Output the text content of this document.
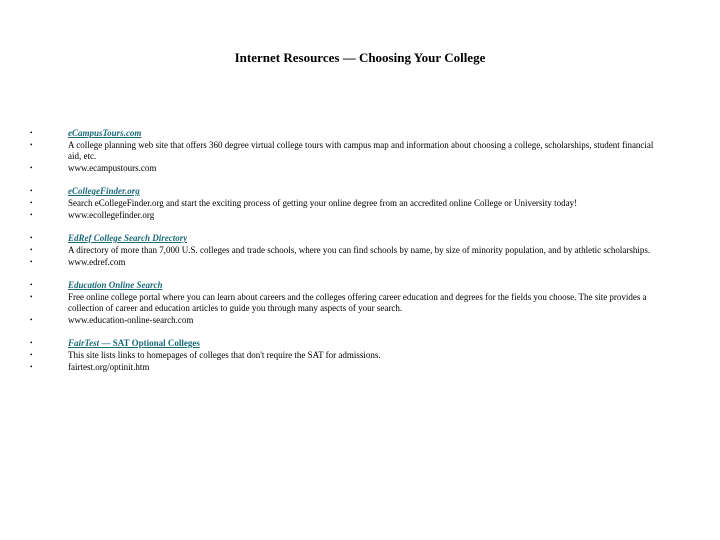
Internet Resources — Choosing Your College
•	eCampusTours.com
•	A college planning web site that offers 360 degree virtual college tours with campus map and information about choosing a college, scholarships, student financial aid, etc.
•	www.ecampustours.com
•	eCollegeFinder.org
•	Search eCollegeFinder.org and start the exciting process of getting your online degree from an accredited online College or University today!
•	www.ecollegefinder.org
•	EdRef College Search Directory
•	A directory of more than 7,000 U.S. colleges and trade schools, where you can find schools by name, by size of minority population, and by athletic scholarships.
•	www.edref.com
•	Education Online Search
•	Free online college portal where you can learn about careers and the colleges offering career education and degrees for the fields you choose. The site provides a collection of career and education articles to guide you through many aspects of your search.
•	www.education-online-search.com
•	FairTest — SAT Optional Colleges
•	This site lists links to homepages of colleges that don't require the SAT for admissions.
•	fairtest.org/optinit.htm
